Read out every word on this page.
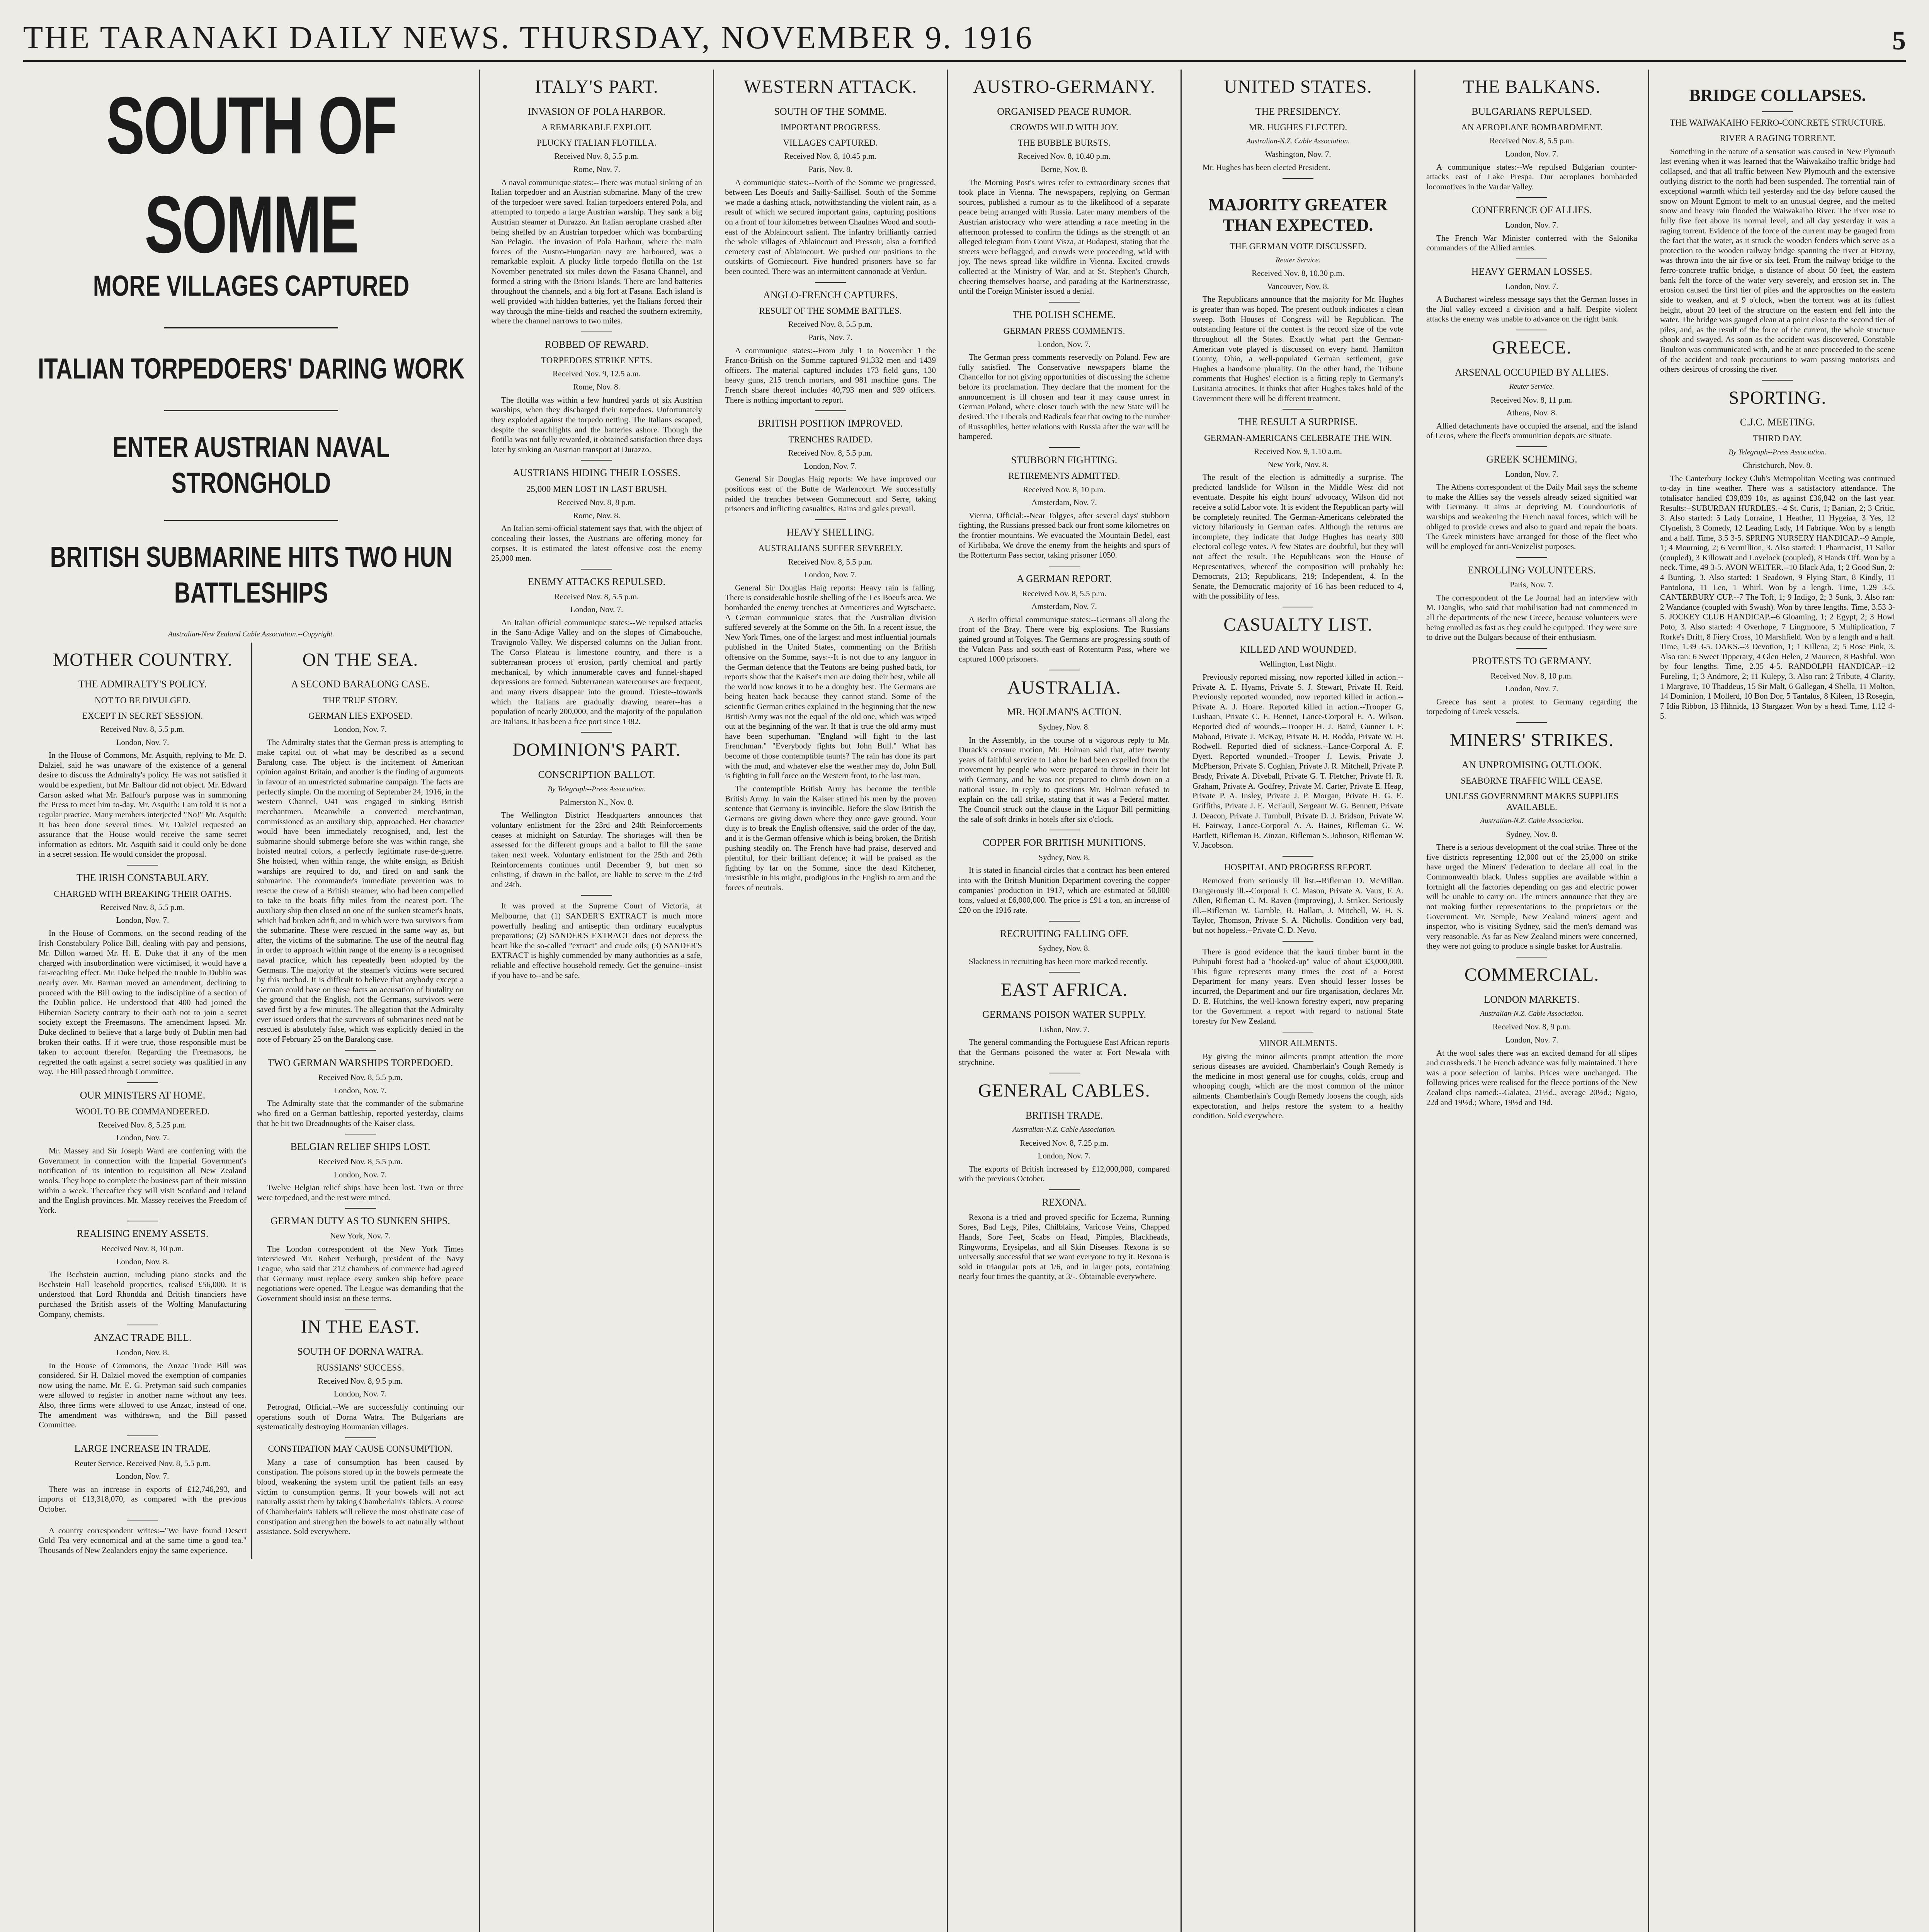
THE TARANAKI DAILY NEWS. THURSDAY, NOVEMBER 9. 1916	5
SOUTH OF SOMME
MORE VILLAGES CAPTURED
ITALIAN TORPEDOERS' DARING WORK
ENTER AUSTRIAN NAVAL STRONGHOLD
BRITISH SUBMARINE HITS TWO HUN BATTLESHIPS
Australian-New Zealand Cable Association.--Copyright.
MOTHER COUNTRY.
THE ADMIRALTY'S POLICY.
NOT TO BE DIVULGED.
EXCEPT IN SECRET SESSION.
Received Nov. 8, 5.5 p.m.
London, Nov. 7.

In the House of Commons, Mr. Asquith, replying to Mr. D. Dalziel, said he was unaware of the existence of a general desire to discuss the Admiralty's policy. He was not satisfied it would be expedient, but Mr. Balfour did not object. Mr. Edward Carson asked what Mr. Balfour's purpose was in summoning the Press to meet him to-day. Mr. Asquith: I am told it is not a regular practice. Many members interjected "No!" Mr. Asquith: It has been done several times. Mr. Dalziel requested an assurance that the House would receive the same secret information as editors. Mr. Asquith said it could only be done in a secret session. He would consider the proposal.

THE IRISH CONSTABULARY.
CHARGED WITH BREAKING THEIR OATHS.
Received Nov. 8, 5.5 p.m.
London, Nov. 7.

In the House of Commons, on the second reading of the Irish Constabulary Police Bill, dealing with pay and pensions, Mr. Dillon warned Mr. H. E. Duke that if any of the men charged with insubordination were victimised, it would have a far-reaching effect. Mr. Duke helped the trouble in Dublin was nearly over. Mr. Barman moved an amendment, declining to proceed with the Bill owing to the indiscipline of a section of the Dublin police. He understood that 400 had joined the Hibernian Society contrary to their oath not to join a secret society except the Freemasons. The amendment lapsed. Mr. Duke declined to believe that a large body of Dublin men had broken their oaths. If it were true, those responsible must be taken to account therefor. Regarding the Freemasons, he regretted the oath against a secret society was qualified in any way. The Bill passed through Committee.

OUR MINISTERS AT HOME.
WOOL TO BE COMMANDEERED.
Received Nov. 8, 5.25 p.m.
London, Nov. 7.

Mr. Massey and Sir Joseph Ward are conferring with the Government in connection with the Imperial Government's notification of its intention to requisition all New Zealand wools. They hope to complete the business part of their mission within a week. Thereafter they will visit Scotland and Ireland and the English provinces. Mr. Massey receives the Freedom of York.

REALISING ENEMY ASSETS.
Received Nov. 8, 10 p.m.
London, Nov. 8.

The Bechstein auction, including piano stocks and the Bechstein Hall leasehold properties, realised £56,000. It is understood that Lord Rhondda and British financiers have purchased the British assets of the Wolfing Manufacturing Company, chemists.

ANZAC TRADE BILL.
London, Nov. 8.

In the House of Commons, the Anzac Trade Bill was considered. Sir H. Dalziel moved the exemption of companies now using the name. Mr. E. G. Pretyman said such companies were allowed to register in another name without any fees. Also, three firms were allowed to use Anzac, instead of one. The amendment was withdrawn, and the Bill passed Committee.

LARGE INCREASE IN TRADE.
Reuter Service. Received Nov. 8, 5.5 p.m.
London, Nov. 7.

There was an increase in exports of £12,746,293, and imports of £13,318,070, as compared with the previous October.

A country correspondent writes:--"We have found Desert Gold Tea very economical and at the same time a good tea." Thousands of New Zealanders enjoy the same experience.

ON THE SEA.
A SECOND BARALONG CASE.
THE TRUE STORY.
GERMAN LIES EXPOSED.
London, Nov. 7.

The Admiralty states that the German press is attempting to make capital out of what may be described as a second Baralong case. The object is the incitement of American opinion against Britain, and another is the finding of arguments in favour of an unrestricted submarine campaign. The facts are perfectly simple. On the morning of September 24, 1916, in the western Channel, U41 was engaged in sinking British merchantmen. Meanwhile a converted merchantman, commissioned as an auxiliary ship, approached. Her character would have been immediately recognised, and, lest the submarine should submerge before she was within range, she hoisted neutral colors, a perfectly legitimate ruse-de-guerre. She hoisted, when within range, the white ensign, as British warships are required to do, and fired on and sank the submarine. The commander's immediate prevention was to rescue the crew of a British steamer, who had been compelled to take to the boats fifty miles from the nearest port. The auxiliary ship then closed on one of the sunken steamer's boats, which had broken adrift, and in which were two survivors from the submarine. These were rescued in the same way as, but after, the victims of the submarine. The use of the neutral flag in order to approach within range of the enemy is a recognised naval practice, which has repeatedly been adopted by the Germans. The majority of the steamer's victims were secured by this method. It is difficult to believe that anybody except a German could base on these facts an accusation of brutality on the ground that the English, not the Germans, survivors were saved first by a few minutes. The allegation that the Admiralty ever issued orders that the survivors of submarines need not be rescued is absolutely false, which was explicitly denied in the note of February 25 on the Baralong case.

TWO GERMAN WARSHIPS TORPEDOED.
Received Nov. 8, 5.5 p.m.
London, Nov. 7.

The Admiralty state that the commander of the submarine who fired on a German battleship, reported yesterday, claims that he hit two Dreadnoughts of the Kaiser class.

BELGIAN RELIEF SHIPS LOST.
Received Nov. 8, 5.5 p.m.
London, Nov. 7.

Twelve Belgian relief ships have been lost. Two or three were torpedoed, and the rest were mined.

GERMAN DUTY AS TO SUNKEN SHIPS.
New York, Nov. 7.

The London correspondent of the New York Times interviewed Mr. Robert Yerburgh, president of the Navy League, who said that 212 chambers of commerce had agreed that Germany must replace every sunken ship before peace negotiations were opened. The League was demanding that the Government should insist on these terms.

IN THE EAST.
SOUTH OF DORNA WATRA.
RUSSIANS' SUCCESS.
Received Nov. 8, 9.5 p.m.
London, Nov. 7.

Petrograd, Official.--We are successfully continuing our operations south of Dorna Watra. The Bulgarians are systematically destroying Roumanian villages.

CONSTIPATION MAY CAUSE CONSUMPTION.

Many a case of consumption has been caused by constipation. The poisons stored up in the bowels permeate the blood, weakening the system until the patient falls an easy victim to consumption germs. If your bowels will not act naturally assist them by taking Chamberlain's Tablets. A course of Chamberlain's Tablets will relieve the most obstinate case of constipation and strengthen the bowels to act naturally without assistance. Sold everywhere.

ITALY'S PART.
INVASION OF POLA HARBOR.
A REMARKABLE EXPLOIT.
PLUCKY ITALIAN FLOTILLA.
Received Nov. 8, 5.5 p.m.
Rome, Nov. 7.

A naval communique states:--There was mutual sinking of an Italian torpedoer and an Austrian submarine. Many of the crew of the torpedoer were saved. Italian torpedoers entered Pola, and attempted to torpedo a large Austrian warship. They sank a big Austrian steamer at Durazzo. An Italian aeroplane crashed after being shelled by an Austrian torpedoer which was bombarding San Pelagio. The invasion of Pola Harbour, where the main forces of the Austro-Hungarian navy are harboured, was a remarkable exploit. A plucky little torpedo flotilla on the 1st November penetrated six miles down the Fasana Channel, and formed a string with the Brioni Islands. There are land batteries throughout the channels, and a big fort at Fasana. Each island is well provided with hidden batteries, yet the Italians forced their way through the mine-fields and reached the southern extremity, where the channel narrows to two miles.

ROBBED OF REWARD.
TORPEDOES STRIKE NETS.
Received Nov. 9, 12.5 a.m.
Rome, Nov. 8.

The flotilla was within a few hundred yards of six Austrian warships, when they discharged their torpedoes. Unfortunately they exploded against the torpedo netting. The Italians escaped, despite the searchlights and the batteries ashore. Though the flotilla was not fully rewarded, it obtained satisfaction three days later by sinking an Austrian transport at Durazzo.

AUSTRIANS HIDING THEIR LOSSES.
25,000 MEN LOST IN LAST BRUSH.
Received Nov. 8, 8 p.m.
Rome, Nov. 8.

An Italian semi-official statement says that, with the object of concealing their losses, the Austrians are offering money for corpses. It is estimated the latest offensive cost the enemy 25,000 men.

ENEMY ATTACKS REPULSED.
Received Nov. 8, 5.5 p.m.
London, Nov. 7.

An Italian official communique states:--We repulsed attacks in the Sano-Adige Valley and on the slopes of Cimabouche, Travignolo Valley. We dispersed columns on the Julian front. The Corso Plateau is limestone country, and there is a subterranean process of erosion, partly chemical and partly mechanical, by which innumerable caves and funnel-shaped depressions are formed. Subterranean watercourses are frequent, and many rivers disappear into the ground. Trieste--towards which the Italians are gradually drawing nearer--has a population of nearly 200,000, and the majority of the population are Italians. It has been a free port since 1382.

DOMINION'S PART.
CONSCRIPTION BALLOT.
By Telegraph--Press Association.
Palmerston N., Nov. 8.

The Wellington District Headquarters announces that voluntary enlistment for the 23rd and 24th Reinforcements ceases at midnight on Saturday. The shortages will then be assessed for the different groups and a ballot to fill the same taken next week. Voluntary enlistment for the 25th and 26th Reinforcements continues until December 9, but men so enlisting, if drawn in the ballot, are liable to serve in the 23rd and 24th.

It was proved at the Supreme Court of Victoria, at Melbourne, that (1) SANDER'S EXTRACT is much more powerfully healing and antiseptic than ordinary eucalyptus preparations; (2) SANDER'S EXTRACT does not depress the heart like the so-called "extract" and crude oils; (3) SANDER'S EXTRACT is highly commended by many authorities as a safe, reliable and effective household remedy. Get the genuine--insist if you have to--and be safe.

WESTERN ATTACK.
SOUTH OF THE SOMME.
IMPORTANT PROGRESS.
VILLAGES CAPTURED.
Received Nov. 8, 10.45 p.m.
Paris, Nov. 8.

A communique states:--North of the Somme we progressed, between Les Boeufs and Sailly-Saillisel. South of the Somme we made a dashing attack, notwithstanding the violent rain, as a result of which we secured important gains, capturing positions on a front of four kilometres between Chaulnes Wood and south-east of the Ablaincourt salient. The infantry brilliantly carried the whole villages of Ablaincourt and Pressoir, also a fortified cemetery east of Ablaincourt. We pushed our positions to the outskirts of Gomiecourt. Five hundred prisoners have so far been counted. There was an intermittent cannonade at Verdun.

ANGLO-FRENCH CAPTURES.
RESULT OF THE SOMME BATTLES.
Received Nov. 8, 5.5 p.m.
Paris, Nov. 7.

A communique states:--From July 1 to November 1 the Franco-British on the Somme captured 91,332 men and 1439 officers. The material captured includes 173 field guns, 130 heavy guns, 215 trench mortars, and 981 machine guns. The French share thereof includes 40,793 men and 939 officers. There is nothing important to report.

BRITISH POSITION IMPROVED.
TRENCHES RAIDED.
Received Nov. 8, 5.5 p.m.
London, Nov. 7.

General Sir Douglas Haig reports: We have improved our positions east of the Butte de Warlencourt. We successfully raided the trenches between Gommecourt and Serre, taking prisoners and inflicting casualties. Rains and gales prevail.

HEAVY SHELLING.
AUSTRALIANS SUFFER SEVERELY.
Received Nov. 8, 5.5 p.m.
London, Nov. 7.

General Sir Douglas Haig reports: Heavy rain is falling. There is considerable hostile shelling of the Les Boeufs area. We bombarded the enemy trenches at Armentieres and Wytschaete. A German communique states that the Australian division suffered severely at the Somme on the 5th. In a recent issue, the New York Times, one of the largest and most influential journals published in the United States, commenting on the British offensive on the Somme, says:--It is not due to any languor in the German defence that the Teutons are being pushed back, for reports show that the Kaiser's men are doing their best, while all the world now knows it to be a doughty best. The Germans are being beaten back because they cannot stand. Some of the scientific German critics explained in the beginning that the new British Army was not the equal of the old one, which was wiped out at the beginning of the war. If that is true the old army must have been superhuman. "England will fight to the last Frenchman." "Everybody fights but John Bull." What has become of those contemptible taunts? The rain has done its part with the mud, and whatever else the weather may do, John Bull is fighting in full force on the Western front, to the last man.

The contemptible British Army has become the terrible British Army. In vain the Kaiser stirred his men by the proven sentence that Germany is invincible. Before the slow British the Germans are giving down where they once gave ground. Your duty is to break the English offensive, said the order of the day, and it is the German offensive which is being broken, the British pushing steadily on. The French have had praise, deserved and plentiful, for their brilliant defence; it will be praised as the fighting by far on the Somme, since the dead Kitchener, irresistible in his might, prodigious in the English to arm and the forces of neutrals.

AUSTRO-GERMANY.
ORGANISED PEACE RUMOR.
CROWDS WILD WITH JOY.
THE BUBBLE BURSTS.
Received Nov. 8, 10.40 p.m.
Berne, Nov. 8.

The Morning Post's wires refer to extraordinary scenes that took place in Vienna. The newspapers, replying on German sources, published a rumour as to the likelihood of a separate peace being arranged with Russia. Later many members of the Austrian aristocracy who were attending a race meeting in the afternoon professed to confirm the tidings as the strength of an alleged telegram from Count Visza, at Budapest, stating that the streets were beflagged, and crowds were proceeding, wild with joy. The news spread like wildfire in Vienna. Excited crowds collected at the Ministry of War, and at St. Stephen's Church, cheering themselves hoarse, and parading at the Kartnerstrasse, until the Foreign Minister issued a denial.

THE POLISH SCHEME.
GERMAN PRESS COMMENTS.
London, Nov. 7.

The German press comments reservedly on Poland. Few are fully satisfied. The Conservative newspapers blame the Chancellor for not giving opportunities of discussing the scheme before its proclamation. They declare that the moment for the announcement is ill chosen and fear it may cause unrest in German Poland, where closer touch with the new State will be desired. The Liberals and Radicals fear that owing to the number of Russophiles, better relations with Russia after the war will be hampered.

STUBBORN FIGHTING.
RETIREMENTS ADMITTED.
Received Nov. 8, 10 p.m.
Amsterdam, Nov. 7.

Vienna, Official:--Near Tolgyes, after several days' stubborn fighting, the Russians pressed back our front some kilometres on the frontier mountains. We evacuated the Mountain Bedel, east of Kirlibaba. We drove the enemy from the heights and spurs of the Rotterturm Pass sector, taking prisoner 1050.

A GERMAN REPORT.
Received Nov. 8, 5.5 p.m.
Amsterdam, Nov. 7.

A Berlin official communique states:--Germans all along the front of the Bray. There were big explosions. The Russians gained ground at Tolgyes. The Germans are progressing south of the Vulcan Pass and south-east of Rotenturm Pass, where we captured 1000 prisoners.

AUSTRALIA.
MR. HOLMAN'S ACTION.
Sydney, Nov. 8.

In the Assembly, in the course of a vigorous reply to Mr. Durack's censure motion, Mr. Holman said that, after twenty years of faithful service to Labor he had been expelled from the movement by people who were prepared to throw in their lot with Germany, and he was not prepared to climb down on a national issue. In reply to questions Mr. Holman refused to explain on the call strike, stating that it was a Federal matter. The Council struck out the clause in the Liquor Bill permitting the sale of soft drinks in hotels after six o'clock.

COPPER FOR BRITISH MUNITIONS.
Sydney, Nov. 8.

It is stated in financial circles that a contract has been entered into with the British Munition Department covering the copper companies' production in 1917, which are estimated at 50,000 tons, valued at £6,000,000. The price is £91 a ton, an increase of £20 on the 1916 rate.

RECRUITING FALLING OFF.
Sydney, Nov. 8.

Slackness in recruiting has been more marked recently.

EAST AFRICA.
GERMANS POISON WATER SUPPLY.
Lisbon, Nov. 7.

The general commanding the Portuguese East African reports that the Germans poisoned the water at Fort Newala with strychnine.

GENERAL CABLES.
BRITISH TRADE.
Australian-N.Z. Cable Association.
Received Nov. 8, 7.25 p.m.
London, Nov. 7.

The exports of British increased by £12,000,000, compared with the previous October.

REXONA.

Rexona is a tried and proved specific for Eczema, Running Sores, Bad Legs, Piles, Chilblains, Varicose Veins, Chapped Hands, Sore Feet, Scabs on Head, Pimples, Blackheads, Ringworms, Erysipelas, and all Skin Diseases. Rexona is so universally successful that we want everyone to try it. Rexona is sold in triangular pots at 1/6, and in larger pots, containing nearly four times the quantity, at 3/-. Obtainable everywhere.

UNITED STATES.
THE PRESIDENCY.
MR. HUGHES ELECTED.
Australian-N.Z. Cable Association.
Washington, Nov. 7.

Mr. Hughes has been elected President.

MAJORITY GREATER THAN EXPECTED.
THE GERMAN VOTE DISCUSSED.
Reuter Service.
Received Nov. 8, 10.30 p.m.
Vancouver, Nov. 8.

The Republicans announce that the majority for Mr. Hughes is greater than was hoped. The present outlook indicates a clean sweep. Both Houses of Congress will be Republican. The outstanding feature of the contest is the record size of the vote throughout all the States. Exactly what part the German-American vote played is discussed on every hand. Hamilton County, Ohio, a well-populated German settlement, gave Hughes a handsome plurality. On the other hand, the Tribune comments that Hughes' election is a fitting reply to Germany's Lusitania atrocities. It thinks that after Hughes takes hold of the Government there will be different treatment.

THE RESULT A SURPRISE.
GERMAN-AMERICANS CELEBRATE THE WIN.
Received Nov. 9, 1.10 a.m.
New York, Nov. 8.

The result of the election is admittedly a surprise. The predicted landslide for Wilson in the Middle West did not eventuate. Despite his eight hours' advocacy, Wilson did not receive a solid Labor vote. It is evident the Republican party will be completely reunited. The German-Americans celebrated the victory hilariously in German cafes. Although the returns are incomplete, they indicate that Judge Hughes has nearly 300 electoral college votes. A few States are doubtful, but they will not affect the result. The Republicans won the House of Representatives, whereof the composition will probably be: Democrats, 213; Republicans, 219; Independent, 4. In the Senate, the Democratic majority of 16 has been reduced to 4, with the possibility of less.

CASUALTY LIST.
KILLED AND WOUNDED.
Wellington, Last Night.

Previously reported missing, now reported killed in action.--Private A. E. Hyams, Private S. J. Stewart, Private H. Reid. Previously reported wounded, now reported killed in action.--Private A. J. Hoare. Reported killed in action.--Trooper G. Lushaan, Private C. E. Bennet, Lance-Corporal E. A. Wilson. Reported died of wounds.--Trooper H. J. Baird, Gunner J. F. Mahood, Private J. McKay, Private B. B. Rodda, Private W. H. Rodwell. Reported died of sickness.--Lance-Corporal A. F. Dyett. Reported wounded.--Trooper J. Lewis, Private J. McPherson, Private S. Coghlan, Private J. R. Mitchell, Private P. Brady, Private A. Diveball, Private G. T. Fletcher, Private H. R. Graham, Private A. Godfrey, Private M. Carter, Private E. Heap, Private P. A. Insley, Private J. P. Morgan, Private H. G. E. Griffiths, Private J. E. McFaull, Sergeant W. G. Bennett, Private J. Deacon, Private J. Turnbull, Private D. J. Bridson, Private W. H. Fairway, Lance-Corporal A. A. Baines, Rifleman G. W. Bartlett, Rifleman B. Zinzan, Rifleman S. Johnson, Rifleman W. V. Jacobson.

HOSPITAL AND PROGRESS REPORT.

Removed from seriously ill list.--Rifleman D. McMillan. Dangerously ill.--Corporal F. C. Mason, Private A. Vaux, F. A. Allen, Rifleman C. M. Raven (improving), J. Striker. Seriously ill.--Rifleman W. Gamble, B. Hallam, J. Mitchell, W. H. S. Taylor, Thomson, Private S. A. Nicholls. Condition very bad, but not hopeless.--Private C. D. Nevo.

There is good evidence that the kauri timber burnt in the Puhipuhi forest had a "hooked-up" value of about £3,000,000. This figure represents many times the cost of a Forest Department for many years. Even should lesser losses be incurred, the Department and our fire organisation, declares Mr. D. E. Hutchins, the well-known forestry expert, now preparing for the Government a report with regard to national State forestry for New Zealand.

MINOR AILMENTS.

By giving the minor ailments prompt attention the more serious diseases are avoided. Chamberlain's Cough Remedy is the medicine in most general use for coughs, colds, croup and whooping cough, which are the most common of the minor ailments. Chamberlain's Cough Remedy loosens the cough, aids expectoration, and helps restore the system to a healthy condition. Sold everywhere.

THE BALKANS.
BULGARIANS REPULSED.
AN AEROPLANE BOMBARDMENT.
Received Nov. 8, 5.5 p.m.
London, Nov. 7.

A communique states:--We repulsed Bulgarian counter-attacks east of Lake Prespa. Our aeroplanes bombarded locomotives in the Vardar Valley.

CONFERENCE OF ALLIES.
London, Nov. 7.

The French War Minister conferred with the Salonika commanders of the Allied armies.

HEAVY GERMAN LOSSES.
London, Nov. 7.

A Bucharest wireless message says that the German losses in the Jiul valley exceed a division and a half. Despite violent attacks the enemy was unable to advance on the right bank.

GREECE.
ARSENAL OCCUPIED BY ALLIES.
Reuter Service.
Received Nov. 8, 11 p.m.
Athens, Nov. 8.

Allied detachments have occupied the arsenal, and the island of Leros, where the fleet's ammunition depots are situate.

GREEK SCHEMING.
London, Nov. 7.

The Athens correspondent of the Daily Mail says the scheme to make the Allies say the vessels already seized signified war with Germany. It aims at depriving M. Coundouriotis of warships and weakening the French naval forces, which will be obliged to provide crews and also to guard and repair the boats. The Greek ministers have arranged for those of the fleet who will be employed for anti-Venizelist purposes.

ENROLLING VOLUNTEERS.
Paris, Nov. 7.

The correspondent of the Le Journal had an interview with M. Danglis, who said that mobilisation had not commenced in all the departments of the new Greece, because volunteers were being enrolled as fast as they could be equipped. They were sure to drive out the Bulgars because of their enthusiasm.

PROTESTS TO GERMANY.
Received Nov. 8, 10 p.m.
London, Nov. 7.

Greece has sent a protest to Germany regarding the torpedoing of Greek vessels.

MINERS' STRIKES.
AN UNPROMISING OUTLOOK.
SEABORNE TRAFFIC WILL CEASE.
UNLESS GOVERNMENT MAKES SUPPLIES AVAILABLE.
Australian-N.Z. Cable Association.
Sydney, Nov. 8.

There is a serious development of the coal strike. Three of the five districts representing 12,000 out of the 25,000 on strike have urged the Miners' Federation to declare all coal in the Commonwealth black. Unless supplies are available within a fortnight all the factories depending on gas and electric power will be unable to carry on. The miners announce that they are not making further representations to the proprietors or the Government. Mr. Semple, New Zealand miners' agent and inspector, who is visiting Sydney, said the men's demand was very reasonable. As far as New Zealand miners were concerned, they were not going to produce a single basket for Australia.

COMMERCIAL.
LONDON MARKETS.
Australian-N.Z. Cable Association.
Received Nov. 8, 9 p.m.
London, Nov. 7.

At the wool sales there was an excited demand for all slipes and crossbreds. The French advance was fully maintained. There was a poor selection of lambs. Prices were unchanged. The following prices were realised for the fleece portions of the New Zealand clips named:--Galatea, 21½d., average 20½d.; Ngaio, 22d and 19½d.; Whare, 19½d and 19d.

BRIDGE COLLAPSES.
THE WAIWAKAIHO FERRO-CONCRETE STRUCTURE.
RIVER A RAGING TORRENT.

Something in the nature of a sensation was caused in New Plymouth last evening when it was learned that the Waiwakaiho traffic bridge had collapsed, and that all traffic between New Plymouth and the extensive outlying district to the north had been suspended. The torrential rain of exceptional warmth which fell yesterday and the day before caused the snow on Mount Egmont to melt to an unusual degree, and the melted snow and heavy rain flooded the Waiwakaiho River. The river rose to fully five feet above its normal level, and all day yesterday it was a raging torrent. Evidence of the force of the current may be gauged from the fact that the water, as it struck the wooden fenders which serve as a protection to the wooden railway bridge spanning the river at Fitzroy, was thrown into the air five or six feet. From the railway bridge to the ferro-concrete traffic bridge, a distance of about 50 feet, the eastern bank felt the force of the water very severely, and erosion set in. The erosion caused the first tier of piles and the approaches on the eastern side to weaken, and at 9 o'clock, when the torrent was at its fullest height, about 20 feet of the structure on the eastern end fell into the water. The bridge was gauged clean at a point close to the second tier of piles, and, as the result of the force of the current, the whole structure shook and swayed. As soon as the accident was discovered, Constable Boulton was communicated with, and he at once proceeded to the scene of the accident and took precautions to warn passing motorists and others desirous of crossing the river.

SPORTING.
C.J.C. MEETING.
THIRD DAY.
By Telegraph--Press Association.
Christchurch, Nov. 8.

The Canterbury Jockey Club's Metropolitan Meeting was continued to-day in fine weather. There was a satisfactory attendance. The totalisator handled £39,839 10s, as against £36,842 on the last year. Results:--SUBURBAN HURDLES.--4 St. Curis, 1; Banian, 2; 3 Critic, 3. Also started: 5 Lady Lorraine, 1 Heather, 11 Hygeiaa, 3 Yes, 12 Clynelish, 3 Comedy, 12 Leading Lady, 14 Fabrique. Won by a length and a half. Time, 3.5 3-5. SPRING NURSERY HANDICAP.--9 Ample, 1; 4 Mourning, 2; 6 Vermillion, 3. Also started: 1 Pharmacist, 11 Sailor (coupled), 3 Killowatt and Lovelock (coupled), 8 Hands Off. Won by a neck. Time, 49 3-5. AVON WELTER.--10 Black Ada, 1; 2 Good Sun, 2; 4 Bunting, 3. Also started: 1 Seadown, 9 Flying Start, 8 Kindly, 11 Pantolona, 11 Leo, 1 Whirl. Won by a length. Time, 1.29 3-5. CANTERBURY CUP.--7 The Toff, 1; 9 Indigo, 2; 3 Sunk, 3. Also ran: 2 Wandance (coupled with Swash). Won by three lengths. Time, 3.53 3-5. JOCKEY CLUB HANDICAP.--6 Gloaming, 1; 2 Egypt, 2; 3 Howl Poto, 3. Also started: 4 Overhope, 7 Lingmoore, 5 Multiplication, 7 Rorke's Drift, 8 Fiery Cross, 10 Marshfield. Won by a length and a half. Time, 1.39 3-5. OAKS.--3 Devotion, 1; 1 Killena, 2; 5 Rose Pink, 3. Also ran: 6 Sweet Tipperary, 4 Glen Helen, 2 Maureen, 8 Bashful. Won by four lengths. Time, 2.35 4-5. RANDOLPH HANDICAP.--12 Fureling, 1; 3 Andmore, 2; 11 Kulepy, 3. Also ran: 2 Tribute, 4 Clarity, 1 Margrave, 10 Thaddeus, 15 Sir Malt, 6 Gallegan, 4 Shella, 11 Molton, 14 Dominion, 1 Mollerd, 10 Bon Dor, 5 Tantalus, 8 Kileen, 13 Rosegin, 7 Idia Ribbon, 13 Hihnida, 13 Stargazer. Won by a head. Time, 1.12 4-5.
